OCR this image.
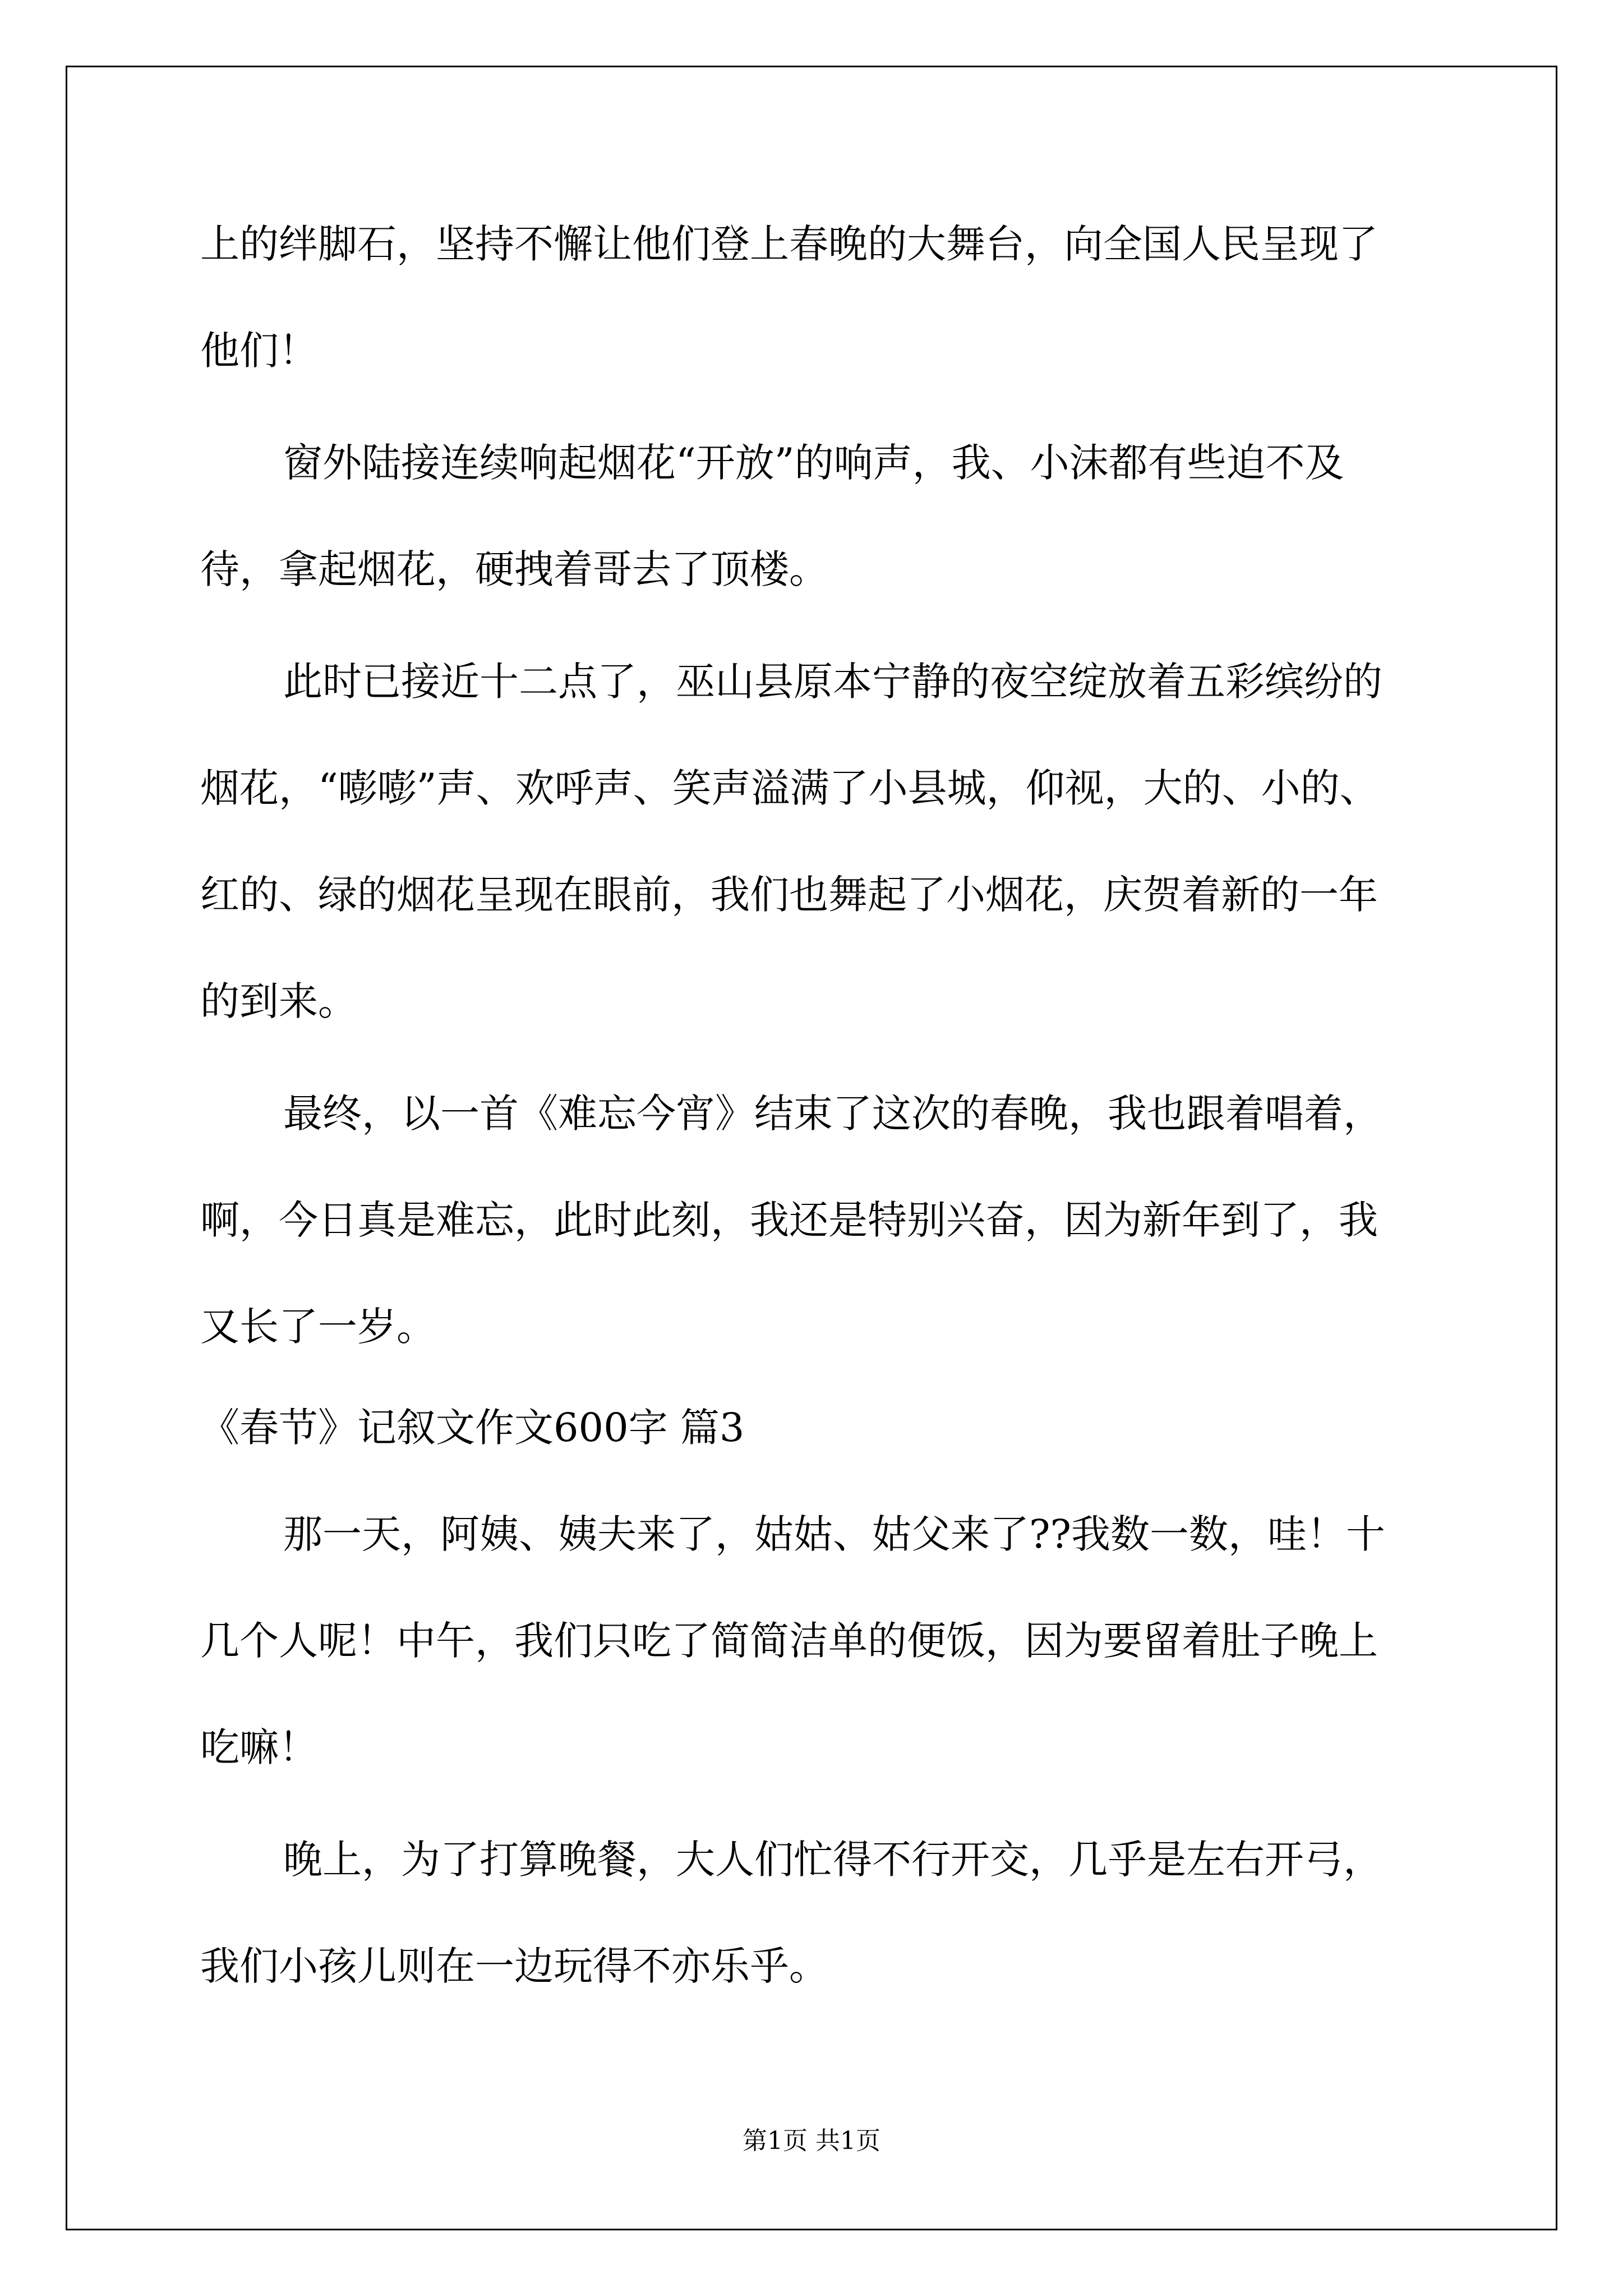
上的绊脚石，坚持不懈让他们登上春晚的大舞台，向全国人民呈现了
他们！
窗外陆接连续响起烟花“开放”的响声，我、小沫都有些迫不及
待，拿起烟花，硬拽着哥去了顶楼。
此时已接近十二点了，巫山县原本宁静的夜空绽放着五彩缤纷的
烟花，“嘭嘭”声、欢呼声、笑声溢满了小县城，仰视，大的、小的、
红的、绿的烟花呈现在眼前，我们也舞起了小烟花，庆贺着新的一年
的到来。
最终，以一首《难忘今宵》结束了这次的春晚，我也跟着唱着，
啊，今日真是难忘，此时此刻，我还是特别兴奋，因为新年到了，我
又长了一岁。
《春节》记叙文作文600字 篇3
那一天，阿姨、姨夫来了，姑姑、姑父来了??我数一数，哇！十
几个人呢！中午，我们只吃了简简洁单的便饭，因为要留着肚子晚上
吃嘛！
晚上，为了打算晚餐，大人们忙得不行开交，几乎是左右开弓，
我们小孩儿则在一边玩得不亦乐乎。
第1页 共1页
